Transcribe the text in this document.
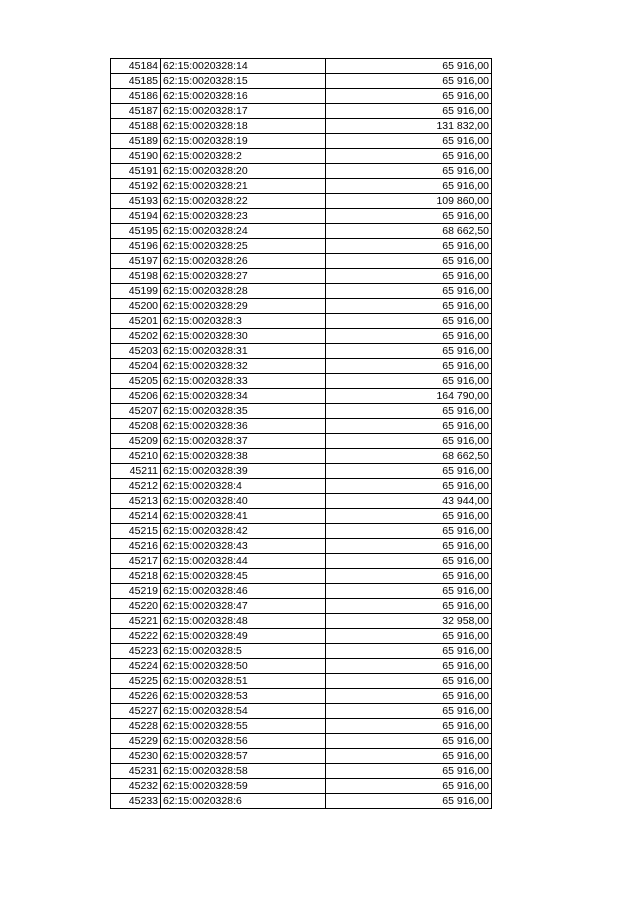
45184	62:15:0020328:14	65 916,00
45185	62:15:0020328:15	65 916,00
45186	62:15:0020328:16	65 916,00
45187	62:15:0020328:17	65 916,00
45188	62:15:0020328:18	131 832,00
45189	62:15:0020328:19	65 916,00
45190	62:15:0020328:2	65 916,00
45191	62:15:0020328:20	65 916,00
45192	62:15:0020328:21	65 916,00
45193	62:15:0020328:22	109 860,00
45194	62:15:0020328:23	65 916,00
45195	62:15:0020328:24	68 662,50
45196	62:15:0020328:25	65 916,00
45197	62:15:0020328:26	65 916,00
45198	62:15:0020328:27	65 916,00
45199	62:15:0020328:28	65 916,00
45200	62:15:0020328:29	65 916,00
45201	62:15:0020328:3	65 916,00
45202	62:15:0020328:30	65 916,00
45203	62:15:0020328:31	65 916,00
45204	62:15:0020328:32	65 916,00
45205	62:15:0020328:33	65 916,00
45206	62:15:0020328:34	164 790,00
45207	62:15:0020328:35	65 916,00
45208	62:15:0020328:36	65 916,00
45209	62:15:0020328:37	65 916,00
45210	62:15:0020328:38	68 662,50
45211	62:15:0020328:39	65 916,00
45212	62:15:0020328:4	65 916,00
45213	62:15:0020328:40	43 944,00
45214	62:15:0020328:41	65 916,00
45215	62:15:0020328:42	65 916,00
45216	62:15:0020328:43	65 916,00
45217	62:15:0020328:44	65 916,00
45218	62:15:0020328:45	65 916,00
45219	62:15:0020328:46	65 916,00
45220	62:15:0020328:47	65 916,00
45221	62:15:0020328:48	32 958,00
45222	62:15:0020328:49	65 916,00
45223	62:15:0020328:5	65 916,00
45224	62:15:0020328:50	65 916,00
45225	62:15:0020328:51	65 916,00
45226	62:15:0020328:53	65 916,00
45227	62:15:0020328:54	65 916,00
45228	62:15:0020328:55	65 916,00
45229	62:15:0020328:56	65 916,00
45230	62:15:0020328:57	65 916,00
45231	62:15:0020328:58	65 916,00
45232	62:15:0020328:59	65 916,00
45233	62:15:0020328:6	65 916,00
